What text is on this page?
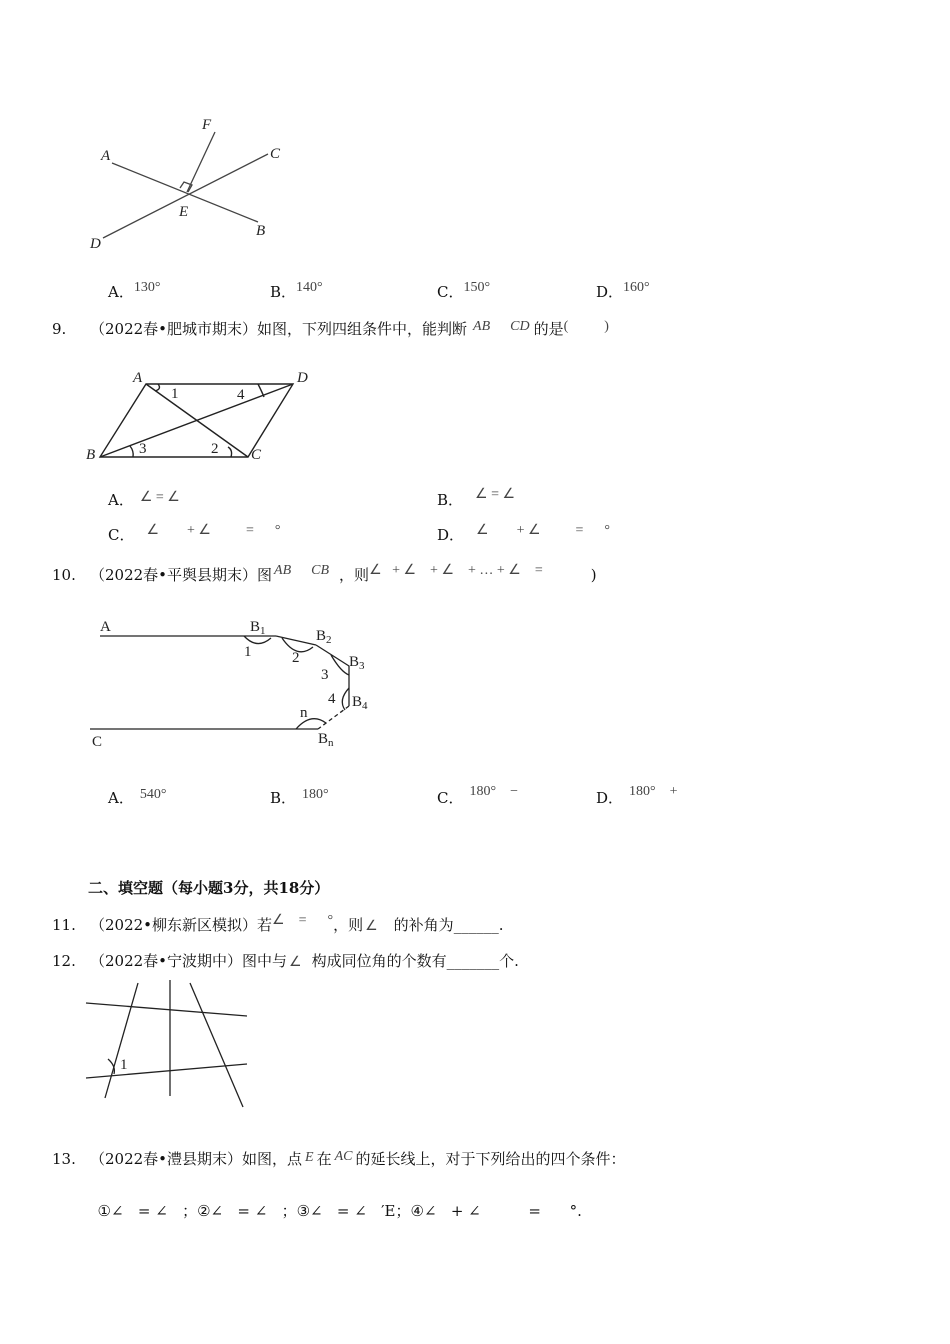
F
A	C
E
D
B
A．130°	B．140°	C．150°	D．160°
9. （2022春•肥城市期末）如图，下列四组条件中，能判断 AB CD 的是(	)
A	D
B	C
1	4
3	2
A． ∠ = ∠	B． ∠ = ∠
C． ∠        + ∠          =      °	D． ∠        + ∠          =      °
10. （2022春•平舆县期末）图 AB CB ，则∠   + ∠    + ∠    + … + ∠    =	)
A	$B_1$
1
$B_2$
2
3
$B_3$
4 $B_4$
n
C	$B_n$
A． 540°	B． 180°	C． 180°    −	D． 180°    +
二、填空题（每小题3分，共18分）
11. （2022•柳东新区模拟）若∠    =      °，则 ∠ 的补角为______.
12. （2022春•宁波期中）图中与 ∠ 构成同位角的个数有_______个.
1
13. （2022春•澧县期末）如图，点 E 在 AC 的延长线上，对于下列给出的四个条件：

①∠   = ∠   ；②∠   = ∠   ；③∠   = ∠   ′E；④∠   + ∠          =      °.
